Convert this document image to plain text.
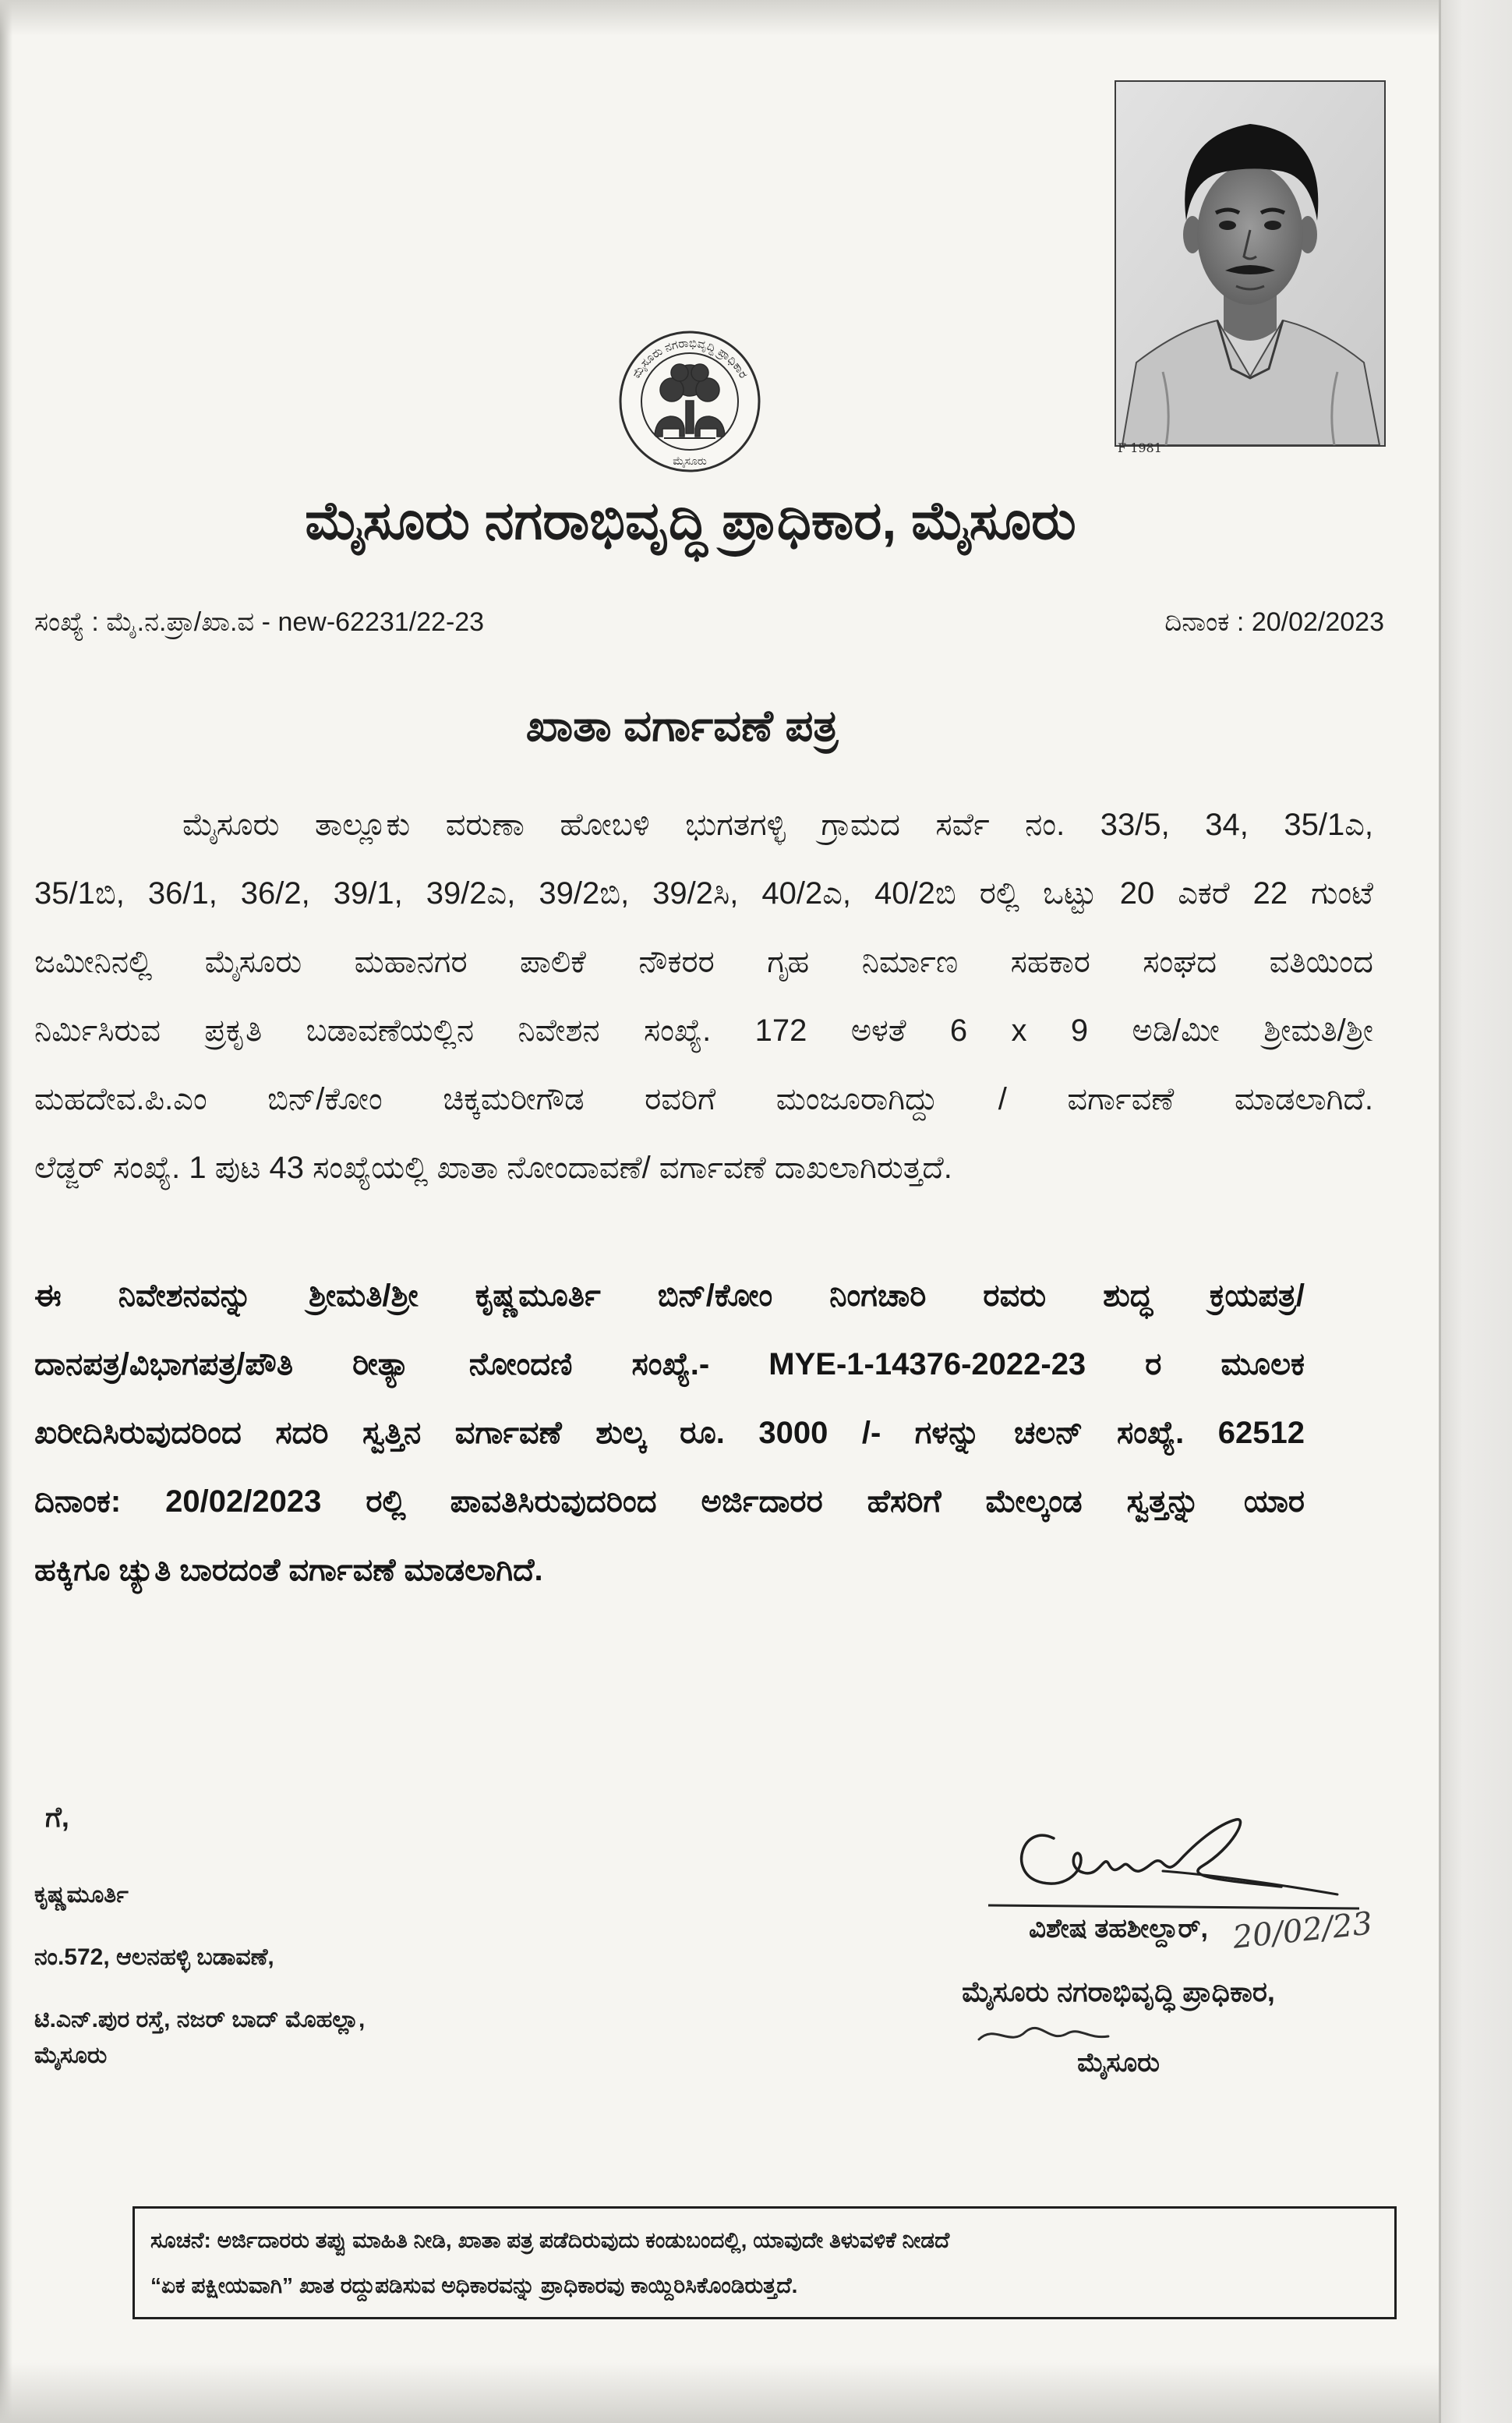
F 1981
ಮೈಸೂರು ನಗರಾಭಿವೃದ್ಧಿ ಪ್ರಾಧಿಕಾರ
ಮೈಸೂರು
ಮೈಸೂರು ನಗರಾಭಿವೃದ್ಧಿ ಪ್ರಾಧಿಕಾರ, ಮೈಸೂರು
ಸಂಖ್ಯೆ : ಮೈ.ನ.ಪ್ರಾ/ಖಾ.ವ - new-62231/22-23	ದಿನಾಂಕ : 20/02/2023
ಖಾತಾ ವರ್ಗಾವಣೆ ಪತ್ರ
ಮೈಸೂರು ತಾಲ್ಲೂಕು ವರುಣಾ ಹೋಬಳಿ ಭುಗತಗಳ್ಳಿ ಗ್ರಾಮದ ಸರ್ವೆ ನಂ. 33/5, 34, 35/1ಎ,
35/1ಬಿ, 36/1, 36/2, 39/1, 39/2ಎ, 39/2ಬಿ, 39/2ಸಿ, 40/2ಎ, 40/2ಬಿ ರಲ್ಲಿ ಒಟ್ಟು 20 ಎಕರೆ 22 ಗುಂಟೆ
ಜಮೀನಿನಲ್ಲಿ ಮೈಸೂರು ಮಹಾನಗರ ಪಾಲಿಕೆ ನೌಕರರ ಗೃಹ ನಿರ್ಮಾಣ ಸಹಕಾರ ಸಂಘದ ವತಿಯಿಂದ
ನಿರ್ಮಿಸಿರುವ ಪ್ರಕೃತಿ ಬಡಾವಣೆಯಲ್ಲಿನ ನಿವೇಶನ ಸಂಖ್ಯೆ. 172 ಅಳತೆ 6 x 9 ಅಡಿ/ಮೀ ಶ್ರೀಮತಿ/ಶ್ರೀ
ಮಹದೇವ.ಪಿ.ಎಂ ಬಿನ್/ಕೋಂ ಚಿಕ್ಕಮರೀಗೌಡ ರವರಿಗೆ ಮಂಜೂರಾಗಿದ್ದು / ವರ್ಗಾವಣೆ ಮಾಡಲಾಗಿದೆ.
ಲೆಡ್ಜರ್ ಸಂಖ್ಯೆ. 1 ಪುಟ 43 ಸಂಖ್ಯೆಯಲ್ಲಿ ಖಾತಾ ನೋಂದಾವಣೆ/ ವರ್ಗಾವಣೆ ದಾಖಲಾಗಿರುತ್ತದೆ.
ಈ ನಿವೇಶನವನ್ನು ಶ್ರೀಮತಿ/ಶ್ರೀ ಕೃಷ್ಣಮೂರ್ತಿ ಬಿನ್/ಕೋಂ ನಿಂಗಚಾರಿ ರವರು ಶುದ್ಧ ಕ್ರಯಪತ್ರ/
ದಾನಪತ್ರ/ವಿಭಾಗಪತ್ರ/ಪೌತಿ ರೀತ್ಯಾ ನೋಂದಣಿ ಸಂಖ್ಯೆ.- MYE-1-14376-2022-23 ರ ಮೂಲಕ
ಖರೀದಿಸಿರುವುದರಿಂದ ಸದರಿ ಸ್ವತ್ತಿನ ವರ್ಗಾವಣೆ ಶುಲ್ಕ ರೂ. 3000 /- ಗಳನ್ನು ಚಲನ್ ಸಂಖ್ಯೆ. 62512
ದಿನಾಂಕ: 20/02/2023 ರಲ್ಲಿ ಪಾವತಿಸಿರುವುದರಿಂದ ಅರ್ಜಿದಾರರ ಹೆಸರಿಗೆ ಮೇಲ್ಕಂಡ ಸ್ವತ್ತನ್ನು ಯಾರ
ಹಕ್ಕಿಗೂ ಚ್ಯುತಿ ಬಾರದಂತೆ ವರ್ಗಾವಣೆ ಮಾಡಲಾಗಿದೆ.
ಗೆ,
ಕೃಷ್ಣಮೂರ್ತಿ
ನಂ.572, ಆಲನಹಳ್ಳಿ ಬಡಾವಣೆ,
ಟಿ.ಎನ್.ಪುರ ರಸ್ತೆ, ನಜರ್ ಬಾದ್ ಮೊಹಲ್ಲಾ,
ಮೈಸೂರು
ವಿಶೇಷ ತಹಶೀಲ್ದಾರ್, 20/02/23
ಮೈಸೂರು ನಗರಾಭಿವೃದ್ಧಿ ಪ್ರಾಧಿಕಾರ,
ಮೈಸೂರು
ಸೂಚನೆ: ಅರ್ಜಿದಾರರು ತಪ್ಪು ಮಾಹಿತಿ ನೀಡಿ, ಖಾತಾ ಪತ್ರ ಪಡೆದಿರುವುದು ಕಂಡುಬಂದಲ್ಲಿ, ಯಾವುದೇ ತಿಳುವಳಿಕೆ ನೀಡದೆ
“ಏಕ ಪಕ್ಷೀಯವಾಗಿ” ಖಾತ ರದ್ದುಪಡಿಸುವ ಅಧಿಕಾರವನ್ನು ಪ್ರಾಧಿಕಾರವು ಕಾಯ್ದಿರಿಸಿಕೊಂಡಿರುತ್ತದೆ.
